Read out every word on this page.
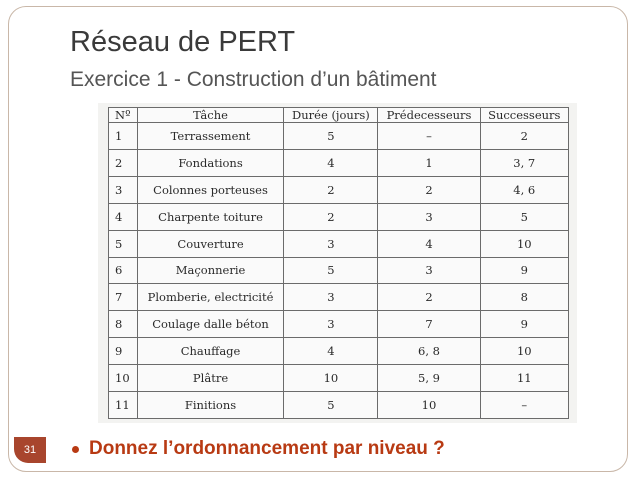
Réseau de PERT
Exercice 1 - Construction d’un bâtiment
Nº	Tâche	Durée (jours)	Prédecesseurs	Successeurs
1	Terrassement	5	–	2
2	Fondations	4	1	3, 7
3	Colonnes porteuses	2	2	4, 6
4	Charpente toiture	2	3	5
5	Couverture	3	4	10
6	Maçonnerie	5	3	9
7	Plomberie, electricité	3	2	8
8	Coulage dalle béton	3	7	9
9	Chauffage	4	6, 8	10
10	Plâtre	10	5, 9	11
11	Finitions	5	10	–
31	Donnez l’ordonnancement par niveau ?
